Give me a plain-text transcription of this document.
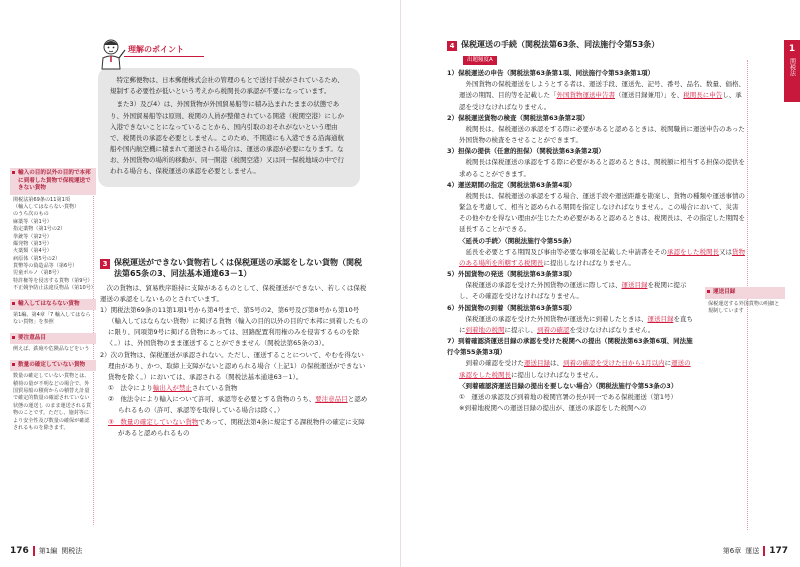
理解のポイント

特定郵便物は、日本郵便株式会社の管理のもとで送付手続がされているため、規制する必要性が低いという考えから税関長の承認が不要になっています。

また3）及び4）は、外国貨物が外国貿易船等に積み込まれたままの状態であり、外国貿易船等は原則、税関の人員が整備されている開港（税関空港）にしか入港できないことになっていることから、国内引取のおそれがないという理由で、税関長の承認を必要としません。このため、不開港にも入港できる沿海通航船や国内航空機に積まれて運送される場合は、運送の承認が必要になります。なお、外国貨物の場所的移動が、同一開港（税関空港）又は同一保税地域の中で行われる場合も、保税運送の承認を必要としません。

輸入の目的以外の目的で本邦に到着した貨物で保税運送できない貨物
関税法第69条の11第1項
（輸入してはならない貨物）
のうち次のもの
麻薬等（第1号）
指定薬物（第1号の2）
拳銃等（第2号）
爆発物（第3号）
火薬類（第4号）
病原体（第5号の2）
貨幣等の偽造品等（第6号）
児童ポルノ（第8号）
特許権等を侵害する貨物（第9号）
不正競争防止法違反物品（第10号）
輸入してはならない貨物
第1編、第4章「7 輸入してはならない貨物」を参照
要注意品目
例えば、鉄砲や危険品などをいう
数量の確定していない貨物
数量の確定していない貨物とは、積荷の量が不明などの場合で、外国貿易船の積荷からの積替え計量で確定的数量の確認されていない状態の運送し のまま運送される貨物のことです。ただし、施封等により安全性及び数量の確保が確認されるものを除きます。
3 保税運送ができない貨物若しくは保税運送の承認をしない貨物（関税法第65条の3、同法基本通達63－1）

次の貨物は、貿易秩序維持に支障があるものとして、保税運送ができない、若しくは保税運送の承認をしないものとされています。

1）関税法第69条の11第1項1号から第4号まで、第5号の2、第6号及び第8号から第10号（輸入してはならない貨物）に掲げる貨物（輸入の目的以外の目的で本邦に到着したものに限り、同項第9号に掲げる貨物にあっては、回路配置利用権のみを侵害するものを除く。）は、外国貨物のまま運送することができません（関税法第65条の3）。

2）次の貨物は、保税運送が承認されない。ただし、運送することについて、やむを得ない理由があり、かつ、取締上支障がないと認められる場合（上記1）の保税運送ができない貨物を除く。）においては、承認される（関税法基本通達63－1）。

①　法令により輸出入が禁止されている貨物

②　他法令により輸入について許可、承認等を必要とする貨物のうち、要注意品目と認められるもの（許可、承認等を取得している場合は除く。）

③　数量の確定していない貨物であって、関税法第4条に規定する課税物件の確定に支障があると認められるもの

176 第1編 関税法
1
関税法
4 保税運送の手続（関税法第63条、同法施行令第53条）
出題頻度A

1）保税運送の申告（関税法第63条第1項、同法施行令第53条第1項）

外国貨物の保税運送をしようとする者は、運送手段、運送先、記号、番号、品名、数量、価格、運送の期間、目的等を記載した「外国貨物運送申告書（運送目録兼用）」を、税関長に申告し、承認を受けなければなりません。

2）保税運送貨物の検査（関税法第63条第2項）

税関長は、保税運送の承認をする際に必要があると認めるときは、税関職員に運送申告のあった外国貨物の検査をさせることができます。

3）担保の提供（任意的担保）（関税法第63条第2項）

税関長は保税運送の承認をする際に必要があると認めるときは、関税額に相当する担保の提供を求めることができます。

4）運送期間の指定（関税法第63条第4項）

税関長は、保税運送の承認をする場合、運送手段や運送距離を勘案し、貨物の種類や運送事情の緊急を考慮して、相当と認められる期間を指定しなければなりません。この場合において、災害その他やむを得ない理由が生じたため必要があると認めるときは、税関長は、その指定した期間を延長することができる。

〈延長の手続〉（関税法施行令第55条）

延長を必要とする期間及び事由等必要な事項を記載した申請書をその承認をした税関長又は貨物のある場所を所轄する税関長に提出しなければなりません。

5）外国貨物の発送（関税法第63条第3項）

保税運送の承認を受けた外国貨物の運送に際しては、運送目録を税関に提示し、その確認を受けなければなりません。

6）外国貨物の到着（関税法第63条第5項）

保税運送の承認を受けた外国貨物が運送先に到着したときは、運送目録を直ちに到着地の税関に提示し、到着の確認を受けなければなりません。

7）到着確認済運送目録の承認を受けた税関への提出（関税法第63条第6項、同法施行令第55条第3項）

到着の確認を受けた運送目録は、到着の確認を受けた日から1月以内に運送の承認をした税関長に提出しなければなりません。

〈到着確認済運送目録の提出を要しない場合〉（関税法施行令第53条の3）

①　運送の承認及び到着地の税関官署の長が同一である保税運送（第1号）

※到着地税関への運送目録の提出が、運送の承認をした税関への

運送目録
保税運送する外国貨物の明細と規制しています
第6章 運送 177
